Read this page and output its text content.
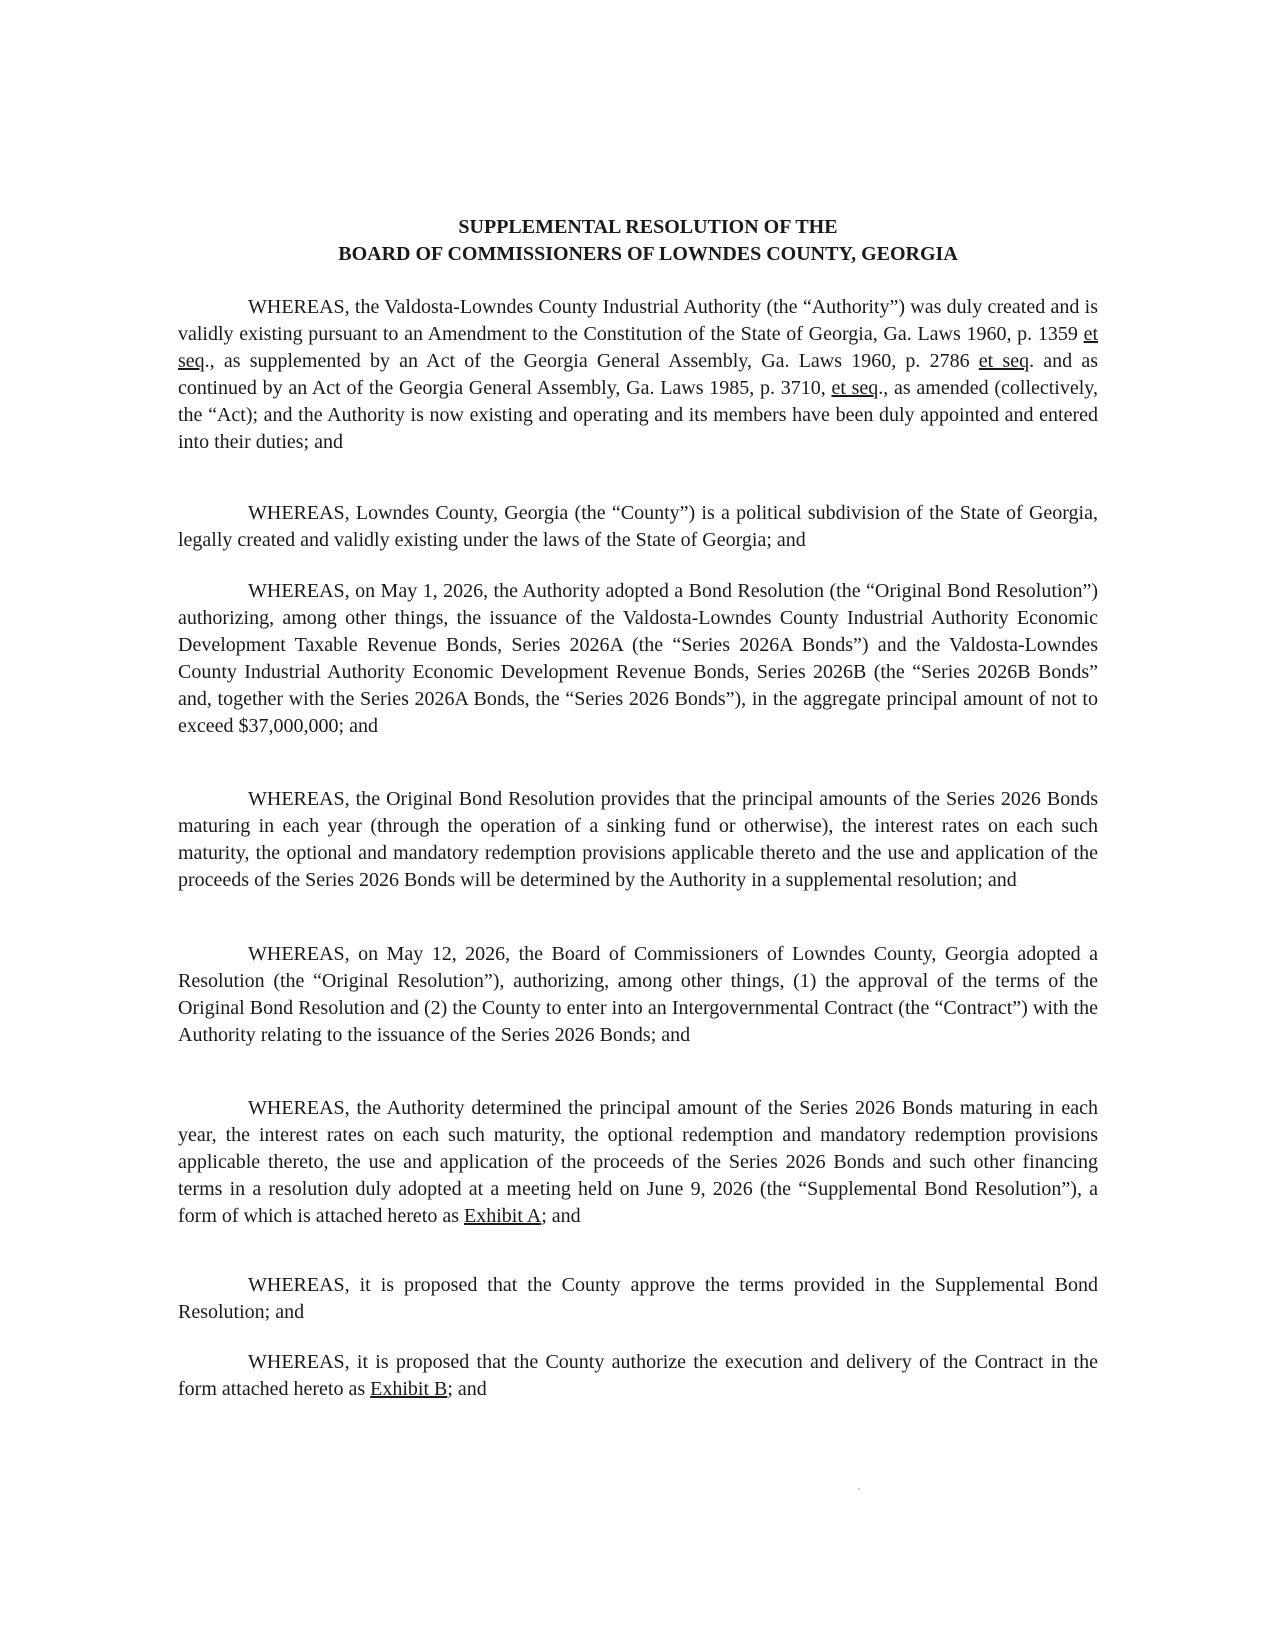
SUPPLEMENTAL RESOLUTION OF THE
BOARD OF COMMISSIONERS OF LOWNDES COUNTY, GEORGIA

WHEREAS, the Valdosta-Lowndes County Industrial Authority (the “Authority”) was duly created and is validly existing pursuant to an Amendment to the Constitution of the State of Georgia, Ga. Laws 1960, p. 1359 et seq., as supplemented by an Act of the Georgia General Assembly, Ga. Laws 1960, p. 2786 et seq. and as continued by an Act of the Georgia General Assembly, Ga. Laws 1985, p. 3710, et seq., as amended (collectively, the “Act); and the Authority is now existing and operating and its members have been duly appointed and entered into their duties; and

WHEREAS, Lowndes County, Georgia (the “County”) is a political subdivision of the State of Georgia, legally created and validly existing under the laws of the State of Georgia; and

WHEREAS, on May 1, 2026, the Authority adopted a Bond Resolution (the “Original Bond Resolution”) authorizing, among other things, the issuance of the Valdosta-Lowndes County Industrial Authority Economic Development Taxable Revenue Bonds, Series 2026A (the “Series 2026A Bonds”) and the Valdosta-Lowndes County Industrial Authority Economic Development Revenue Bonds, Series 2026B (the “Series 2026B Bonds” and, together with the Series 2026A Bonds, the “Series 2026 Bonds”), in the aggregate principal amount of not to exceed $37,000,000; and

WHEREAS, the Original Bond Resolution provides that the principal amounts of the Series 2026 Bonds maturing in each year (through the operation of a sinking fund or otherwise), the interest rates on each such maturity, the optional and mandatory redemption provisions applicable thereto and the use and application of the proceeds of the Series 2026 Bonds will be determined by the Authority in a supplemental resolution; and

WHEREAS, on May 12, 2026, the Board of Commissioners of Lowndes County, Georgia adopted a Resolution (the “Original Resolution”), authorizing, among other things, (1) the approval of the terms of the Original Bond Resolution and (2) the County to enter into an Intergovernmental Contract (the “Contract”) with the Authority relating to the issuance of the Series 2026 Bonds; and

WHEREAS, the Authority determined the principal amount of the Series 2026 Bonds maturing in each year, the interest rates on each such maturity, the optional redemption and mandatory redemption provisions applicable thereto, the use and application of the proceeds of the Series 2026 Bonds and such other financing terms in a resolution duly adopted at a meeting held on June 9, 2026 (the “Supplemental Bond Resolution”), a form of which is attached hereto as Exhibit A; and

WHEREAS, it is proposed that the County approve the terms provided in the Supplemental Bond Resolution; and

WHEREAS, it is proposed that the County authorize the execution and delivery of the Contract in the form attached hereto as Exhibit B; and
